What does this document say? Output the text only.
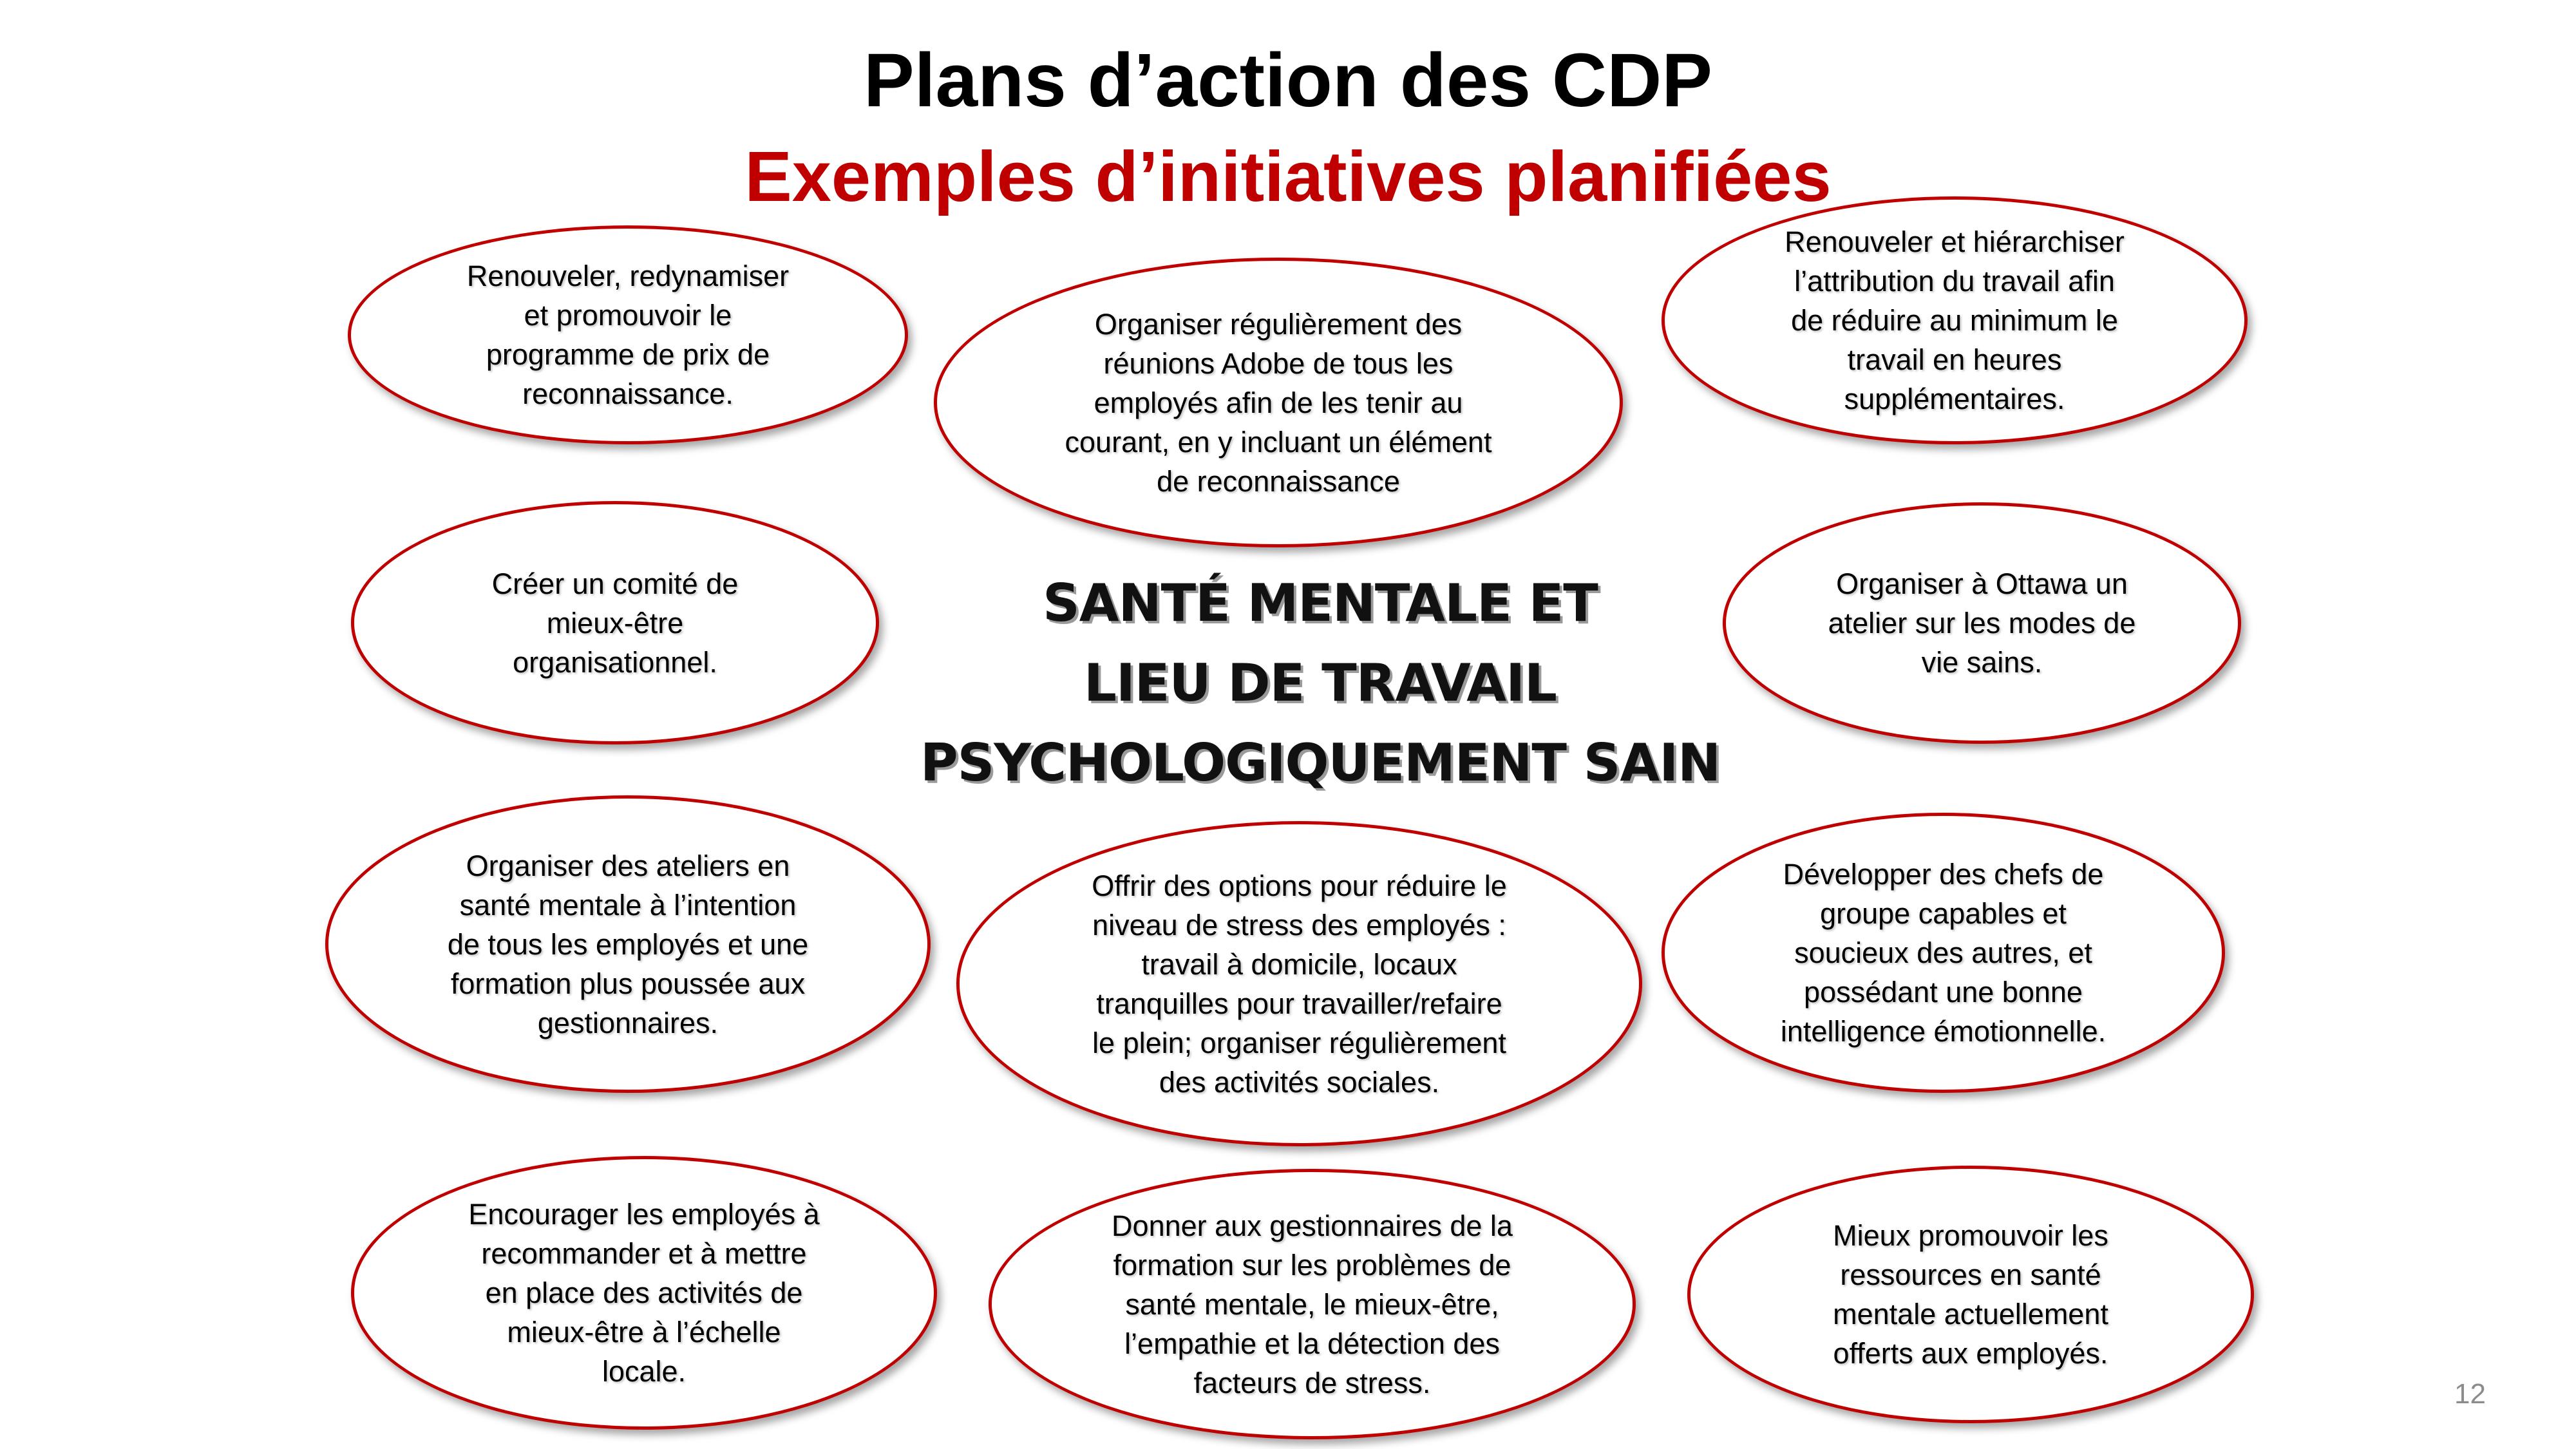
Plans d’action des CDP
Exemples d’initiatives planifiées
Renouveler, redynamiser
et promouvoir le
programme de prix de
reconnaissance.
Organiser régulièrement des
réunions Adobe de tous les
employés afin de les tenir au
courant, en y incluant un élément
de reconnaissance
Renouveler et hiérarchiser
l’attribution du travail afin
de réduire au minimum le
travail en heures
supplémentaires.
Créer un comité de
mieux-être
organisationnel.
Organiser à Ottawa un
atelier sur les modes de
vie sains.
SANTÉ MENTALE ET
LIEU DE TRAVAIL
PSYCHOLOGIQUEMENT SAIN
Organiser des ateliers en
santé mentale à l’intention
de tous les employés et une
formation plus poussée aux
gestionnaires.
Offrir des options pour réduire le
niveau de stress des employés :
travail à domicile, locaux
tranquilles pour travailler/refaire
le plein; organiser régulièrement
des activités sociales.
Développer des chefs de
groupe capables et
soucieux des autres, et
possédant une bonne
intelligence émotionnelle.
Encourager les employés à
recommander et à mettre
en place des activités de
mieux-être à l’échelle
locale.
Donner aux gestionnaires de la
formation sur les problèmes de
santé mentale, le mieux-être,
l’empathie et la détection des
facteurs de stress.
Mieux promouvoir les
ressources en santé
mentale actuellement
offerts aux employés.
12
